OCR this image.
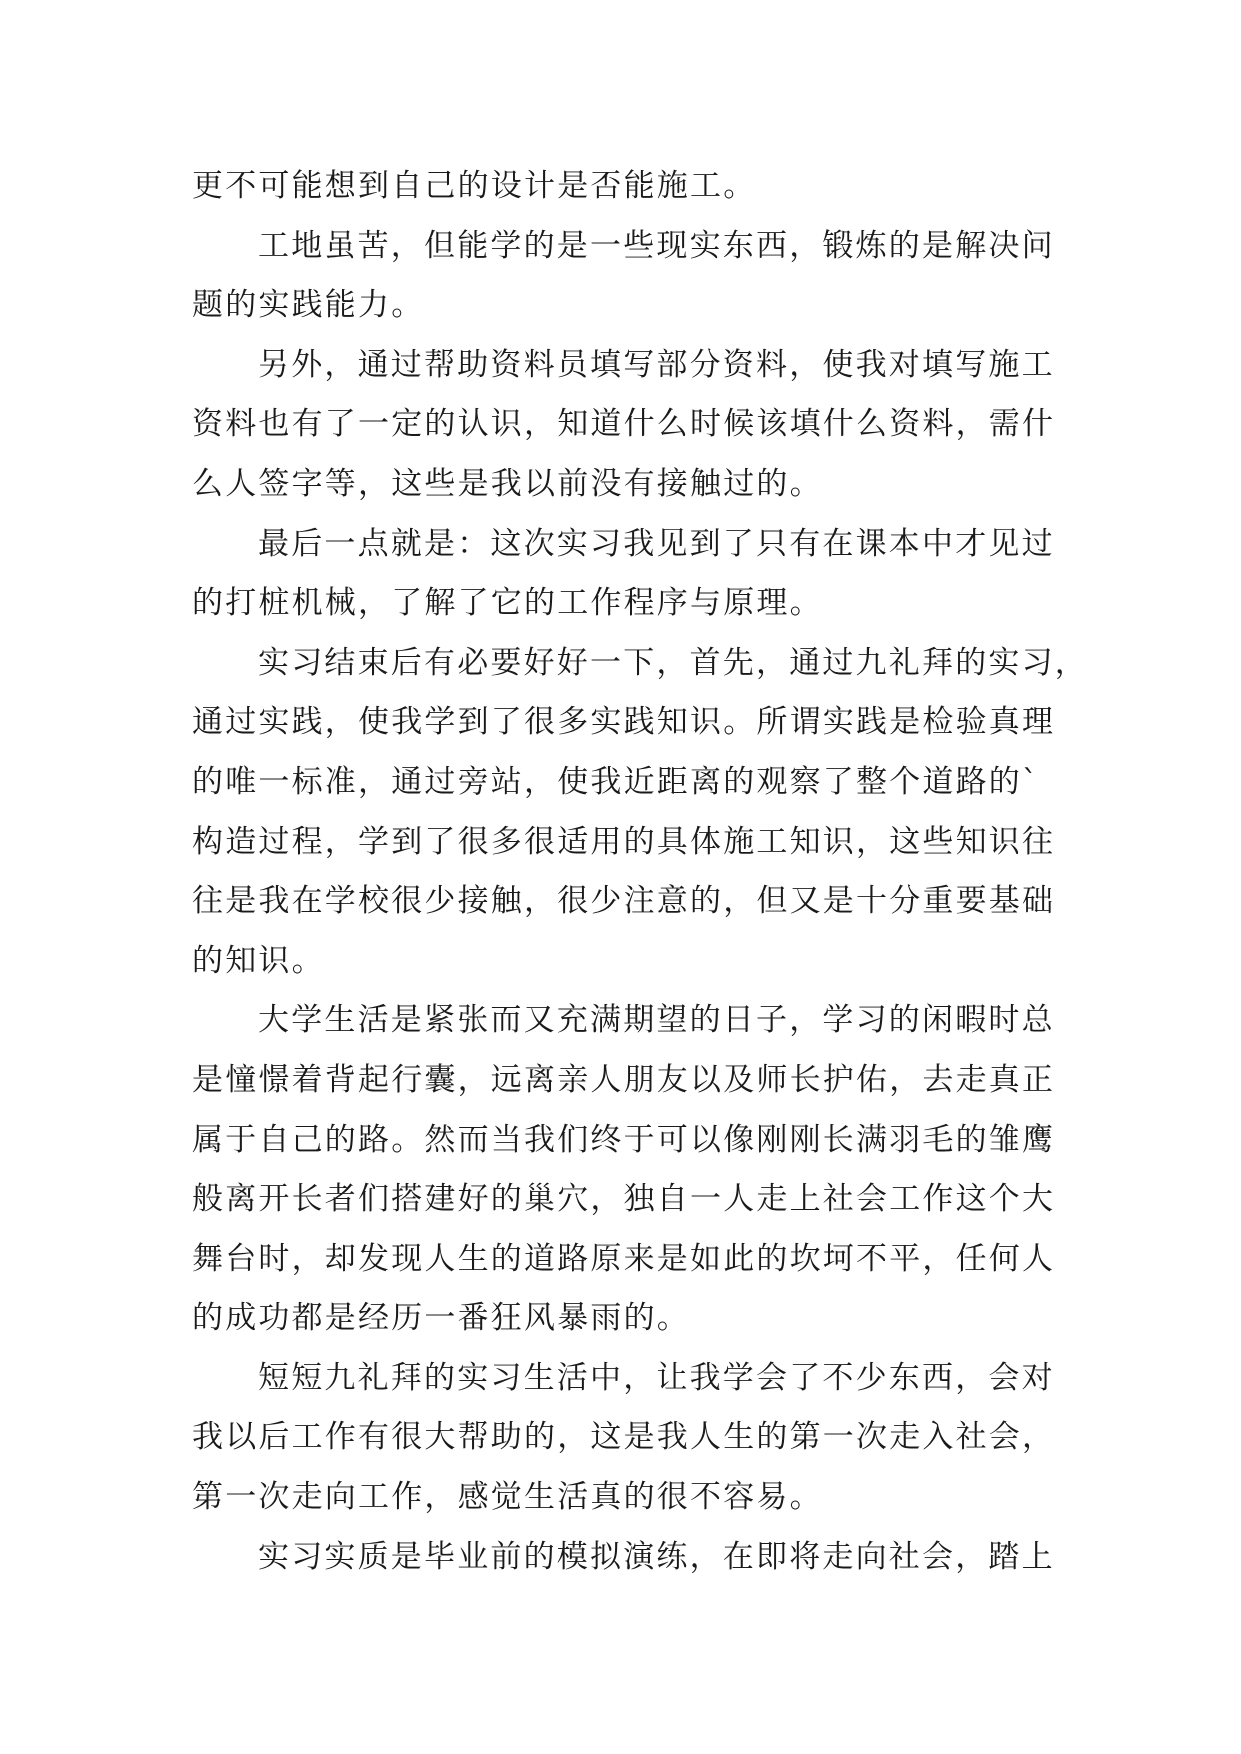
更不可能想到自己的设计是否能施工。
工地虽苦，但能学的是一些现实东西，锻炼的是解决问
题的实践能力。
另外，通过帮助资料员填写部分资料，使我对填写施工
资料也有了一定的认识，知道什么时候该填什么资料，需什
么人签字等，这些是我以前没有接触过的。
最后一点就是：这次实习我见到了只有在课本中才见过
的打桩机械，了解了它的工作程序与原理。
实习结束后有必要好好一下，首先，通过九礼拜的实习，
通过实践，使我学到了很多实践知识。所谓实践是检验真理
的唯一标准，通过旁站，使我近距离的观察了整个道路的`
构造过程，学到了很多很适用的具体施工知识，这些知识往
往是我在学校很少接触，很少注意的，但又是十分重要基础
的知识。
大学生活是紧张而又充满期望的日子，学习的闲暇时总
是憧憬着背起行囊，远离亲人朋友以及师长护佑，去走真正
属于自己的路。然而当我们终于可以像刚刚长满羽毛的雏鹰
般离开长者们搭建好的巢穴，独自一人走上社会工作这个大
舞台时，却发现人生的道路原来是如此的坎坷不平，任何人
的成功都是经历一番狂风暴雨的。
短短九礼拜的实习生活中，让我学会了不少东西，会对
我以后工作有很大帮助的，这是我人生的第一次走入社会，
第一次走向工作，感觉生活真的很不容易。
实习实质是毕业前的模拟演练，在即将走向社会，踏上
